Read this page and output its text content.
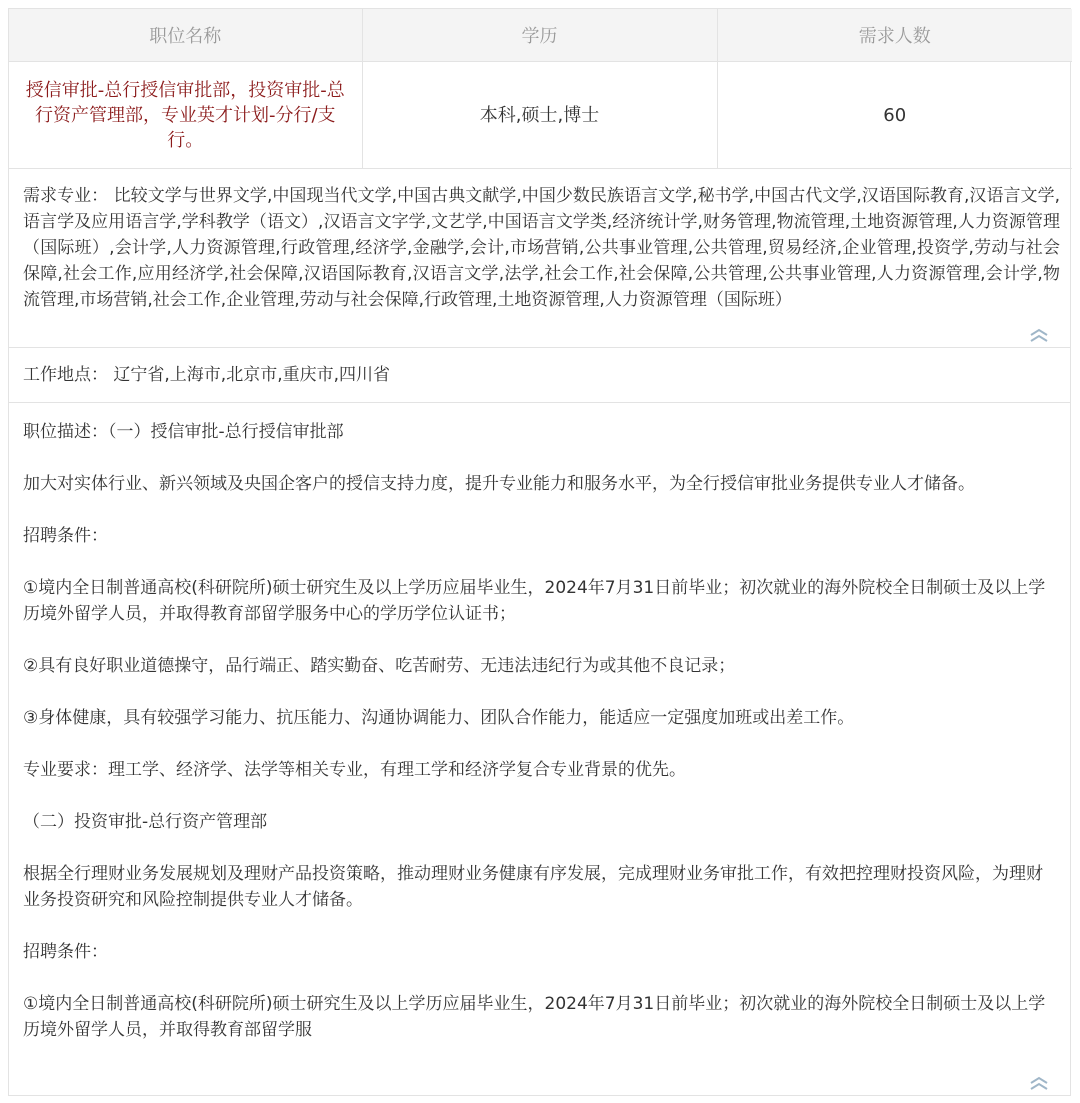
职位名称	学历	需求人数
授信审批-总行授信审批部，投资审批-总行资产管理部，专业英才计划-分行/支行。	本科,硕士,博士	60
需求专业： 比较文学与世界文学,中国现当代文学,中国古典文献学,中国少数民族语言文学,秘书学,中国古代文学,汉语国际教育,汉语言文学,语言学及应用语言学,学科教学（语文）,汉语言文字学,文艺学,中国语言文学类,经济统计学,财务管理,物流管理,土地资源管理,人力资源管理（国际班）,会计学,人力资源管理,行政管理,经济学,金融学,会计,市场营销,公共事业管理,公共管理,贸易经济,企业管理,投资学,劳动与社会保障,社会工作,应用经济学,社会保障,汉语国际教育,汉语言文学,法学,社会工作,社会保障,公共管理,公共事业管理,人力资源管理,会计学,物流管理,市场营销,社会工作,企业管理,劳动与社会保障,行政管理,土地资源管理,人力资源管理（国际班）
工作地点： 辽宁省,上海市,北京市,重庆市,四川省

职位描述：（一）授信审批-总行授信审批部

加大对实体行业、新兴领域及央国企客户的授信支持力度，提升专业能力和服务水平，为全行授信审批业务提供专业人才储备。

招聘条件：

①境内全日制普通高校(科研院所)硕士研究生及以上学历应届毕业生，2024年7月31日前毕业；初次就业的海外院校全日制硕士及以上学历境外留学人员，并取得教育部留学服务中心的学历学位认证书；

②具有良好职业道德操守，品行端正、踏实勤奋、吃苦耐劳、无违法违纪行为或其他不良记录；

③身体健康，具有较强学习能力、抗压能力、沟通协调能力、团队合作能力，能适应一定强度加班或出差工作。

专业要求：理工学、经济学、法学等相关专业，有理工学和经济学复合专业背景的优先。

（二）投资审批-总行资产管理部

根据全行理财业务发展规划及理财产品投资策略，推动理财业务健康有序发展，完成理财业务审批工作，有效把控理财投资风险，为理财业务投资研究和风险控制提供专业人才储备。

招聘条件：

①境内全日制普通高校(科研院所)硕士研究生及以上学历应届毕业生，2024年7月31日前毕业；初次就业的海外院校全日制硕士及以上学历境外留学人员，并取得教育部留学服
